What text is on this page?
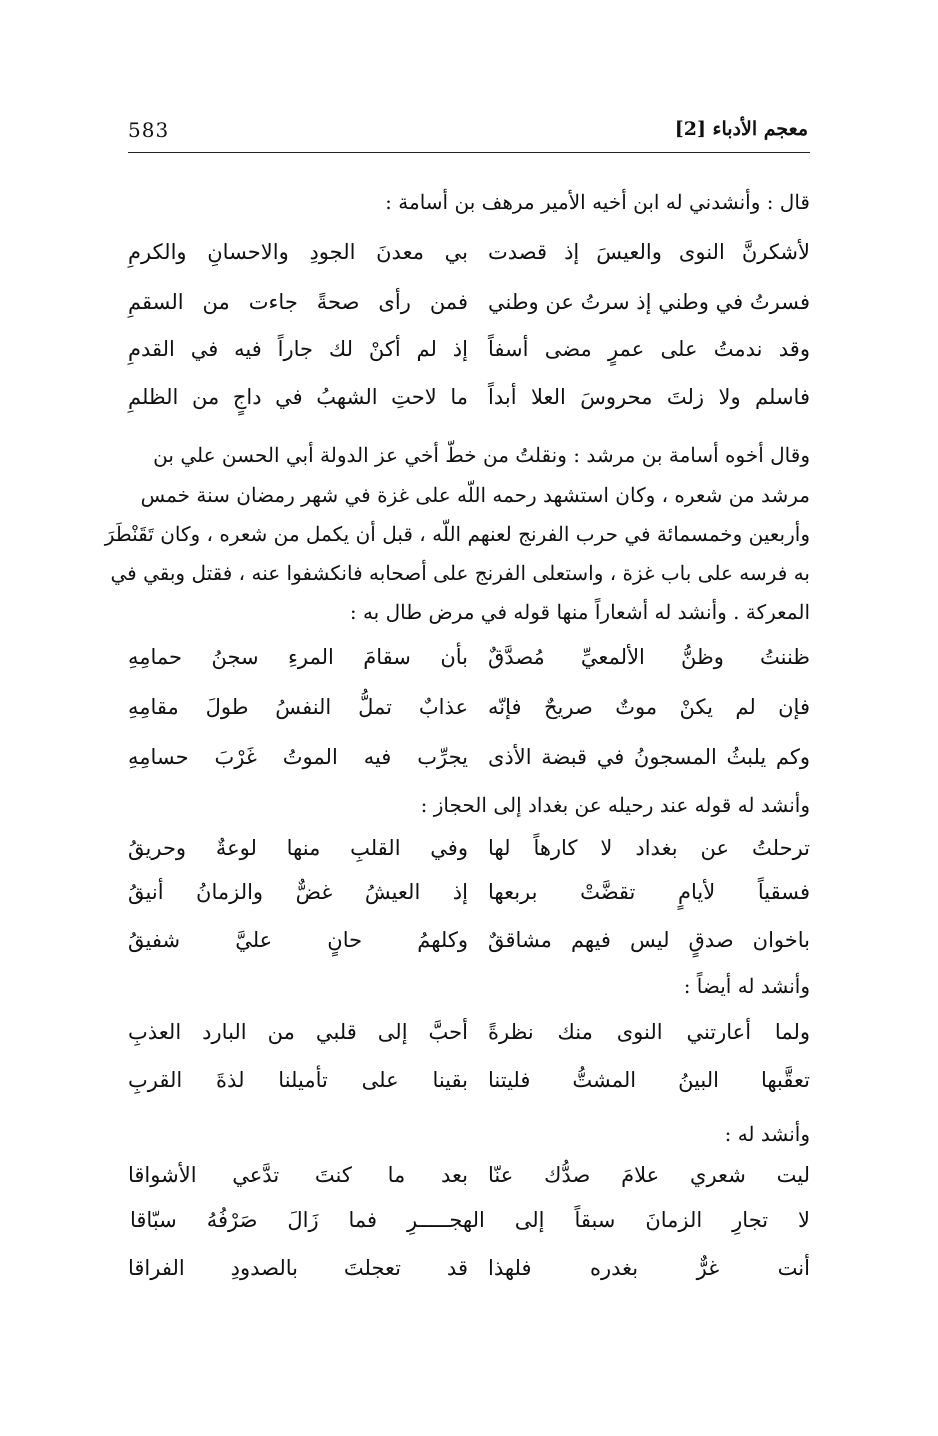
583	معجم الأدباء [2]
قال : وأنشدني له ابن أخيه الأمير مرهف بن أسامة :
لأشكرنَّ النوى والعيسَ إذ قصدت
بي معدنَ الجودِ والاحسانِ والكرمِ
فسرتُ في وطني إذ سرتُ عن وطني
فمن رأى صحةً جاءت من السقمِ
وقد ندمتُ على عمرٍ مضى أسفاً
إذ لم أكنْ لك جاراً فيه في القدمِ
فاسلم ولا زلتَ محروسَ العلا أبداً
ما لاحتِ الشهبُ في داجٍ من الظلمِ
وقال أخوه أسامة بن مرشد : ونقلتُ من خطّ أخي عز الدولة أبي الحسن علي بن
مرشد من شعره ، وكان استشهد رحمه اللّه على غزة في شهر رمضان سنة خمس
وأربعين وخمسمائة في حرب الفرنج لعنهم اللّه ، قبل أن يكمل من شعره ، وكان تَقَنْطَرَ
به فرسه على باب غزة ، واستعلى الفرنج على أصحابه فانكشفوا عنه ، فقتل وبقي في
المعركة . وأنشد له أشعاراً منها قوله في مرض طال به :
ظننتُ وظنُّ الألمعيِّ مُصدَّقٌ
بأن سقامَ المرءِ سجنُ حمامِهِ
فإن لم يكنْ موتٌ صريحٌ فإنّه
عذابٌ تملُّ النفسُ طولَ مقامِهِ
وكم يلبثُ المسجونُ في قبضة الأذى
يجرِّب فيه الموتُ غَرْبَ حسامِهِ
وأنشد له قوله عند رحيله عن بغداد إلى الحجاز :
ترحلتُ عن بغداد لا كارهاً لها
وفي القلبِ منها لوعةٌ وحريقُ
فسقياً لأيامٍ تقضَّتْ بربعها
إذ العيشُ غضٌّ والزمانُ أنيقُ
باخوان صدقٍ ليس فيهم مشاققٌ
وكلهمُ حانٍ عليَّ شفيقُ
وأنشد له أيضاً :
ولما أعارتني النوى منك نظرةً
أحبَّ إلى قلبي من البارد العذبِ
تعقَّبها البينُ المشتُّ فليتنا
بقينا على تأميلنا لذةَ القربِ
وأنشد له :
ليت شعري علامَ صدُّك عنّا
بعد ما كنتَ تدَّعي الأشواقا
لا تجارِ الزمانَ سبقاً إلى الهجـــــرِ فما زَالَ صَرْفُهُ سبّاقا
أنت غرٌّ بغدره فلهذا
قد تعجلتَ بالصدودِ الفراقا
